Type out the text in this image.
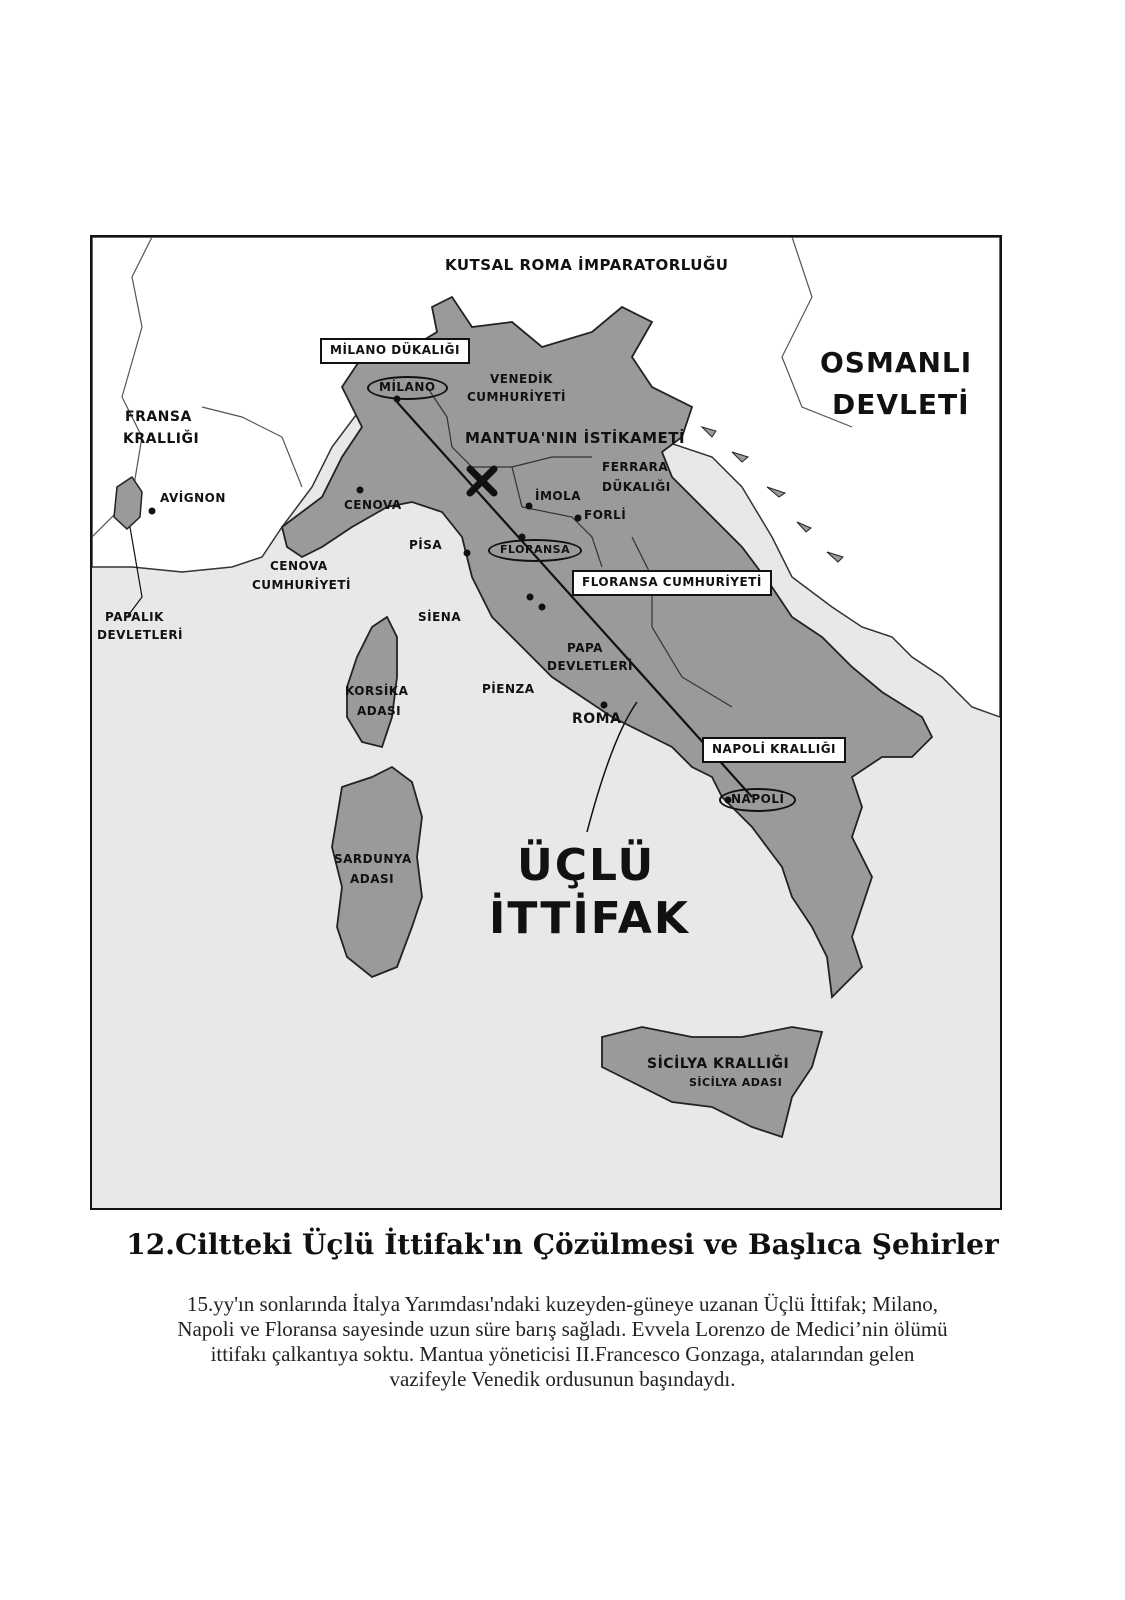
KUTSAL ROMA İMPARATORLUĞU
OSMANLI
DEVLETİ
FRANSA
KRALLIĞI
VENEDİK
CUMHURİYETİ
FERRARA
DÜKALIĞI
CENOVA
CUMHURİYETİ
PAPALIK
DEVLETLERİ
PAPA
DEVLETLERİ
KORSİKA
ADASI
SARDUNYA
ADASI
SİCİLYA KRALLIĞI
SİCİLYA ADASI
MİLANO DÜKALIĞI
FLORANSA CUMHURİYETİ
NAPOLİ KRALLIĞI
MİLANO
CENOVA
AVİGNON	İMOLA
FORLİ
PİSA	FLORANSA
SİENA
PİENZA
ROMA
NAPOLİ
MANTUA'NIN İSTİKAMETİ
ÜÇLÜ
İTTİFAK
12.Ciltteki Üçlü İttifak'ın Çözülmesi ve Başlıca Şehirler

15.yy'ın sonlarında İtalya Yarımdası'ndaki kuzeyden-güneye uzanan Üçlü İttifak; Milano,
Napoli ve Floransa sayesinde uzun süre barış sağladı. Evvela Lorenzo de Medici’nin ölümü
ittifakı çalkantıya soktu. Mantua yöneticisi II.Francesco Gonzaga, atalarından gelen
vazifeyle Venedik ordusunun başındaydı.
